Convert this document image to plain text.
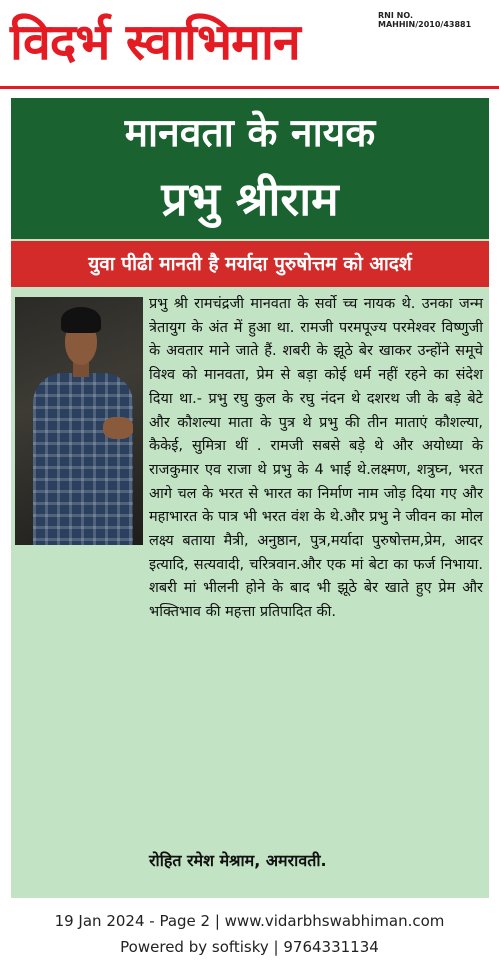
विदर्भ स्वाभिमान	RNI NO. MAHHIN/2010/43881
मानवता के नायक
प्रभु श्रीराम
युवा पीढी मानती है मर्यादा पुरुषोत्तम को आदर्श
प्रभु श्री रामचंद्रजी मानवता के सर्वो च्च नायक थे. उनका जन्म त्रेतायुग के अंत में हुआ था. रामजी परमपूज्य परमेश्वर विष्णुजी के अवतार माने जाते हैं. शबरी के झूठे बेर खाकर उन्होंने समूचे विश्व को मानवता, प्रेम से बड़ा कोई धर्म नहीं रहने का संदेश दिया था.- प्रभु रघु कुल के रघु नंदन थे दशरथ जी के बड़े बेटे और कौशल्या माता के पुत्र थे प्रभु की तीन माताएं कौशल्या, कैकेई, सुमित्रा थीं . रामजी सबसे बड़े थे और अयोध्या के राजकुमार एव राजा थे प्रभु के 4 भाई थे.लक्ष्मण, शत्रुघ्न, भरत आगे चल के भरत से भारत का निर्माण नाम जोड़ दिया गए और महाभारत के पात्र भी भरत वंश के थे.और प्रभु ने जीवन का मोल लक्ष्य बताया मैत्री, अनुष्ठान, पुत्र,मर्यादा पुरुषोत्तम,प्रेम, आदर इत्यादि, सत्यवादी, चरित्रवान.और एक मां बेटा का फर्ज निभाया. शबरी मां भीलनी होने के बाद भी झूठे बेर खाते हुए प्रेम और भक्तिभाव की महत्ता प्रतिपादित की.
रोहित रमेश मेश्राम, अमरावती.
19 Jan 2024 - Page 2 | www.vidarbhswabhiman.com
Powered by softisky | 9764331134
